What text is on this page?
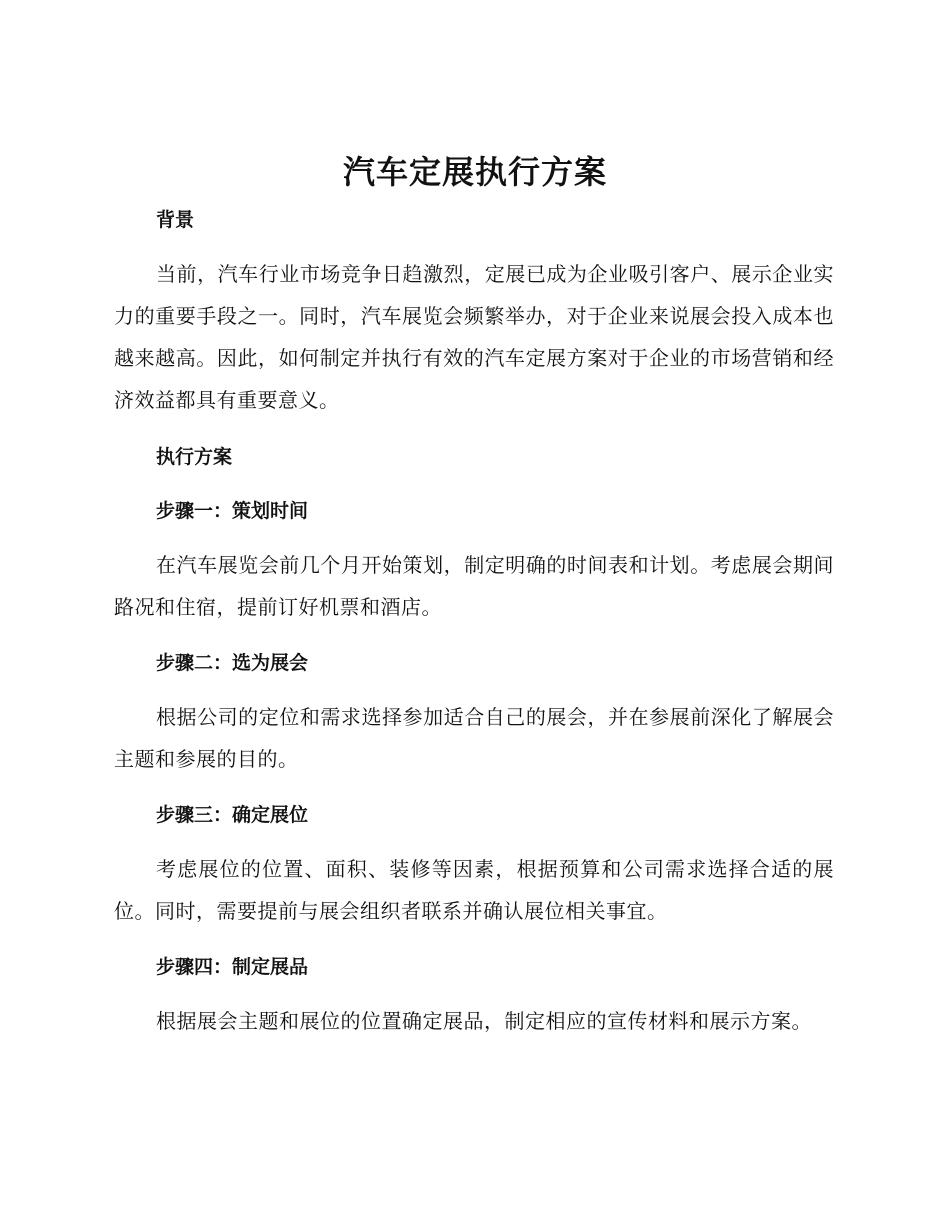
汽车定展执行方案
背景

当前，汽车行业市场竞争日趋激烈，定展已成为企业吸引客户、展示企业实力的重要手段之一。同时，汽车展览会频繁举办，对于企业来说展会投入成本也越来越高。因此，如何制定并执行有效的汽车定展方案对于企业的市场营销和经济效益都具有重要意义。

执行方案
步骤一：策划时间

在汽车展览会前几个月开始策划，制定明确的时间表和计划。考虑展会期间路况和住宿，提前订好机票和酒店。

步骤二：选为展会

根据公司的定位和需求选择参加适合自己的展会，并在参展前深化了解展会主题和参展的目的。

步骤三：确定展位

考虑展位的位置、面积、装修等因素，根据预算和公司需求选择合适的展位。同时，需要提前与展会组织者联系并确认展位相关事宜。

步骤四：制定展品

根据展会主题和展位的位置确定展品，制定相应的宣传材料和展示方案。
